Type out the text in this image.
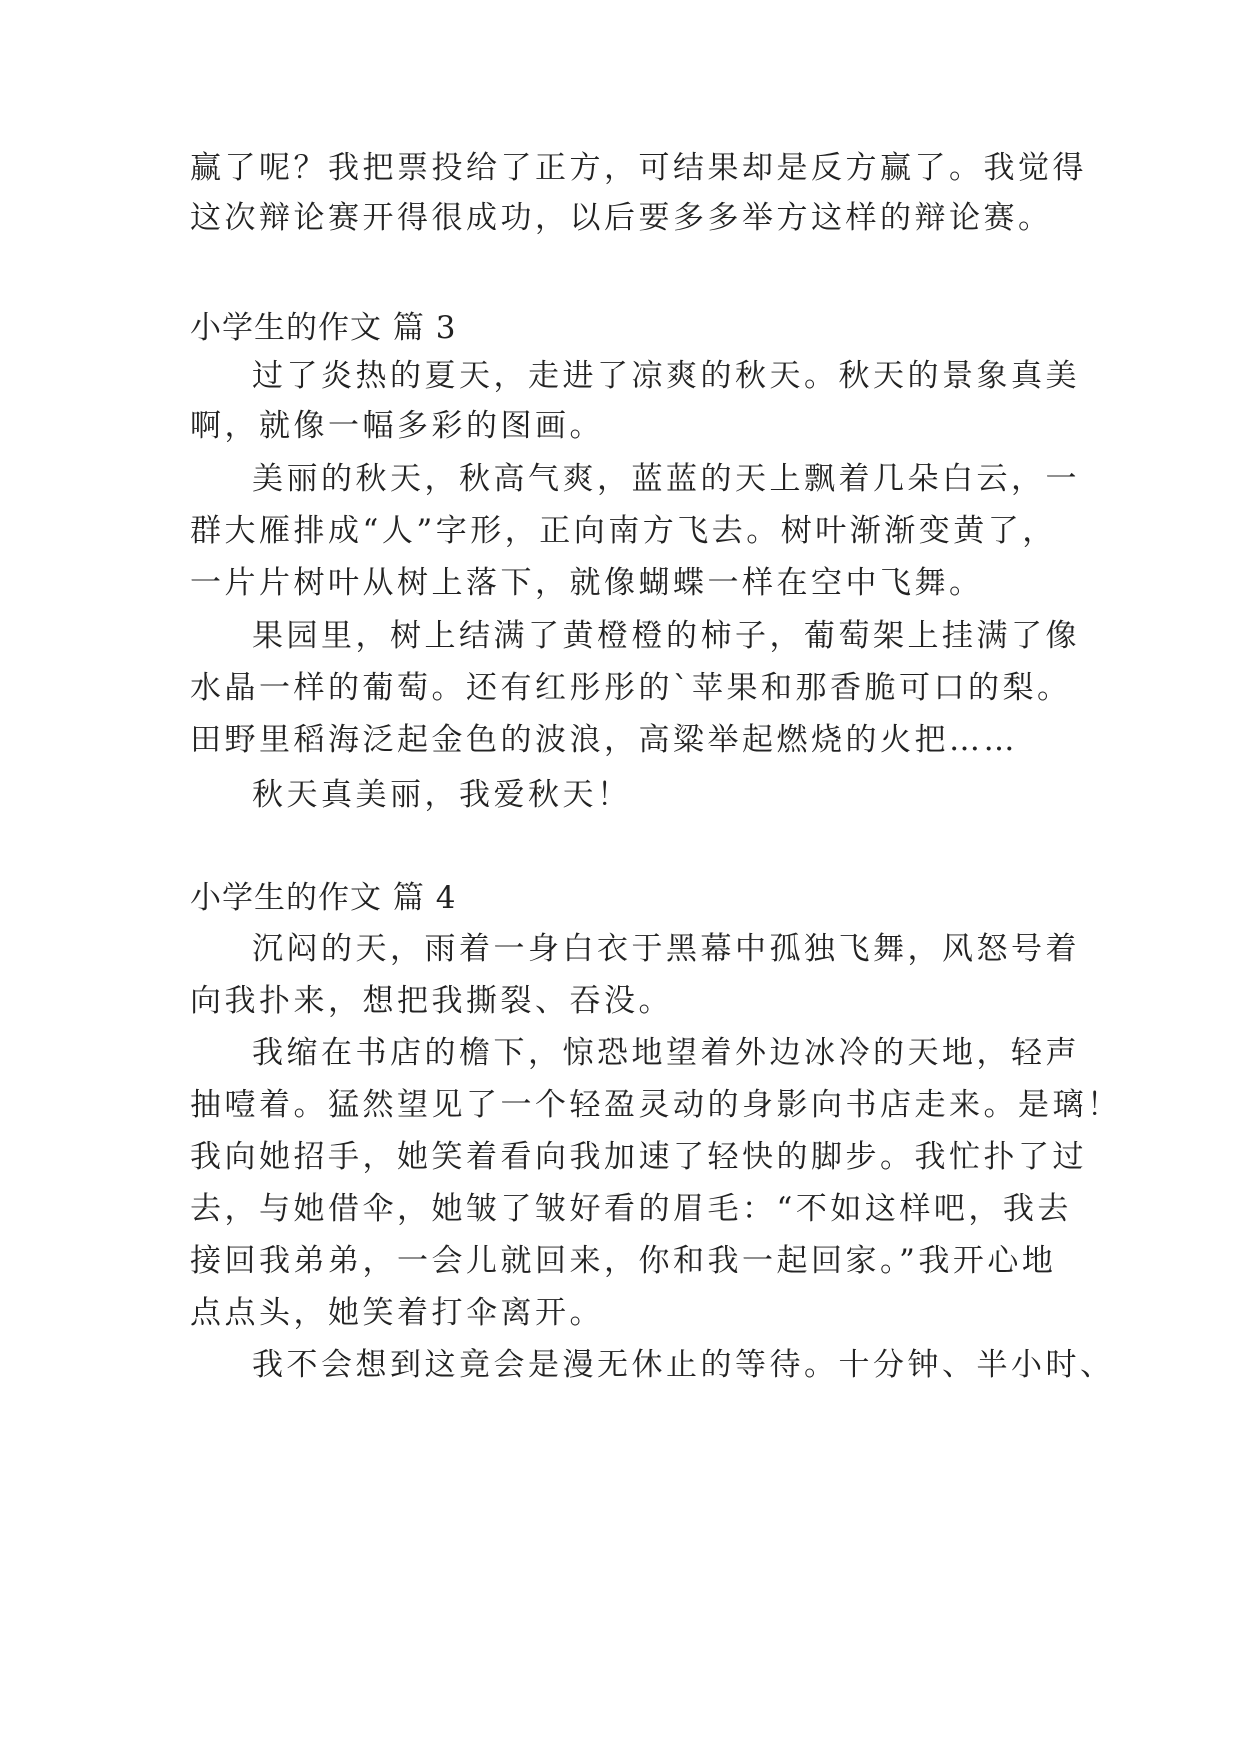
赢了呢？我把票投给了正方，可结果却是反方赢了。我觉得

这次辩论赛开得很成功，以后要多多举方这样的辩论赛。

小学生的作文 篇 3

过了炎热的夏天，走进了凉爽的秋天。秋天的景象真美

啊，就像一幅多彩的图画。

美丽的秋天，秋高气爽，蓝蓝的天上飘着几朵白云，一

群大雁排成“人”字形，正向南方飞去。树叶渐渐变黄了，

一片片树叶从树上落下，就像蝴蝶一样在空中飞舞。

果园里，树上结满了黄橙橙的柿子，葡萄架上挂满了像

水晶一样的葡萄。还有红彤彤的`苹果和那香脆可口的梨。

田野里稻海泛起金色的波浪，高粱举起燃烧的火把……

秋天真美丽，我爱秋天！

小学生的作文 篇 4

沉闷的天，雨着一身白衣于黑幕中孤独飞舞，风怒号着

向我扑来，想把我撕裂、吞没。

我缩在书店的檐下，惊恐地望着外边冰冷的天地，轻声

抽噎着。猛然望见了一个轻盈灵动的身影向书店走来。是璃！

我向她招手，她笑着看向我加速了轻快的脚步。我忙扑了过

去，与她借伞，她皱了皱好看的眉毛：“不如这样吧，我去

接回我弟弟，一会儿就回来，你和我一起回家。”我开心地

点点头，她笑着打伞离开。

我不会想到这竟会是漫无休止的等待。十分钟、半小时、
